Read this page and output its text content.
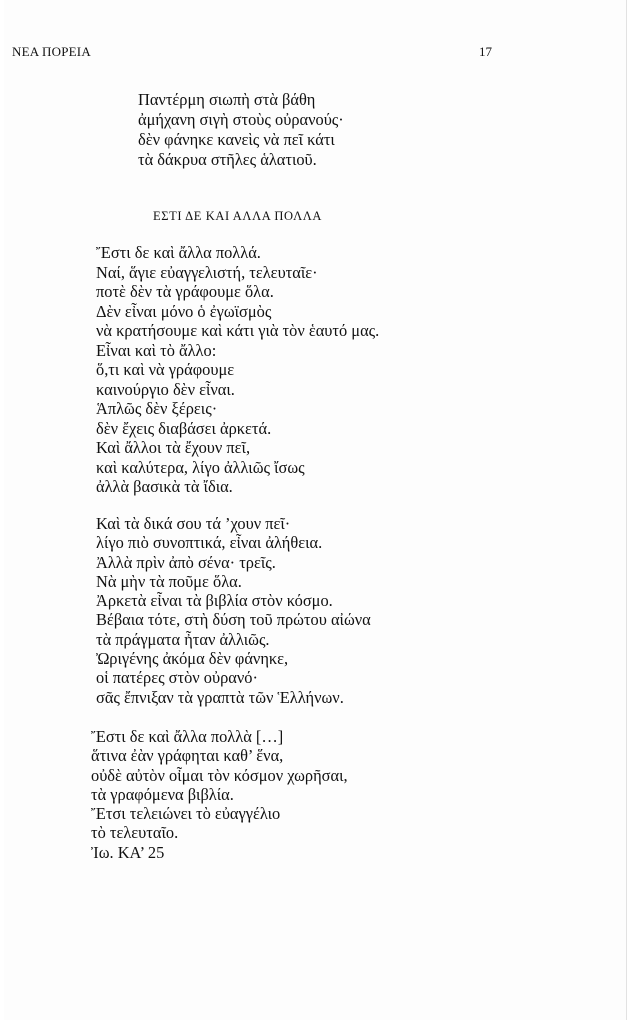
ΝΕΑ ΠΟΡΕΙΑ	17
Παντέρμη σιωπὴ στὰ βάθη
ἀμήχανη σιγὴ στοὺς οὐρανούς·
δὲν φάνηκε κανεὶς νὰ πεῖ κάτι
τὰ δάκρυα στῆλες ἁλατιοῦ.
ΕΣΤΙ ΔΕ ΚΑΙ ΑΛΛΑ ΠΟΛΛΑ
Ἔστι δε καὶ ἄλλα πολλά.
Ναί, ἅγιε εὐαγγελιστή, τελευταῖε·
ποτὲ δὲν τὰ γράφουμε ὅλα.
Δὲν εἶναι μόνο ὁ ἐγωϊσμὸς
νὰ κρατήσουμε καὶ κάτι γιὰ τὸν ἑαυτό μας.
Εἶναι καὶ τὸ ἄλλο:
ὅ,τι καὶ νὰ γράφουμε
καινούργιο δὲν εἶναι.
Ἁπλῶς δὲν ξέρεις·
δὲν ἔχεις διαβάσει ἀρκετά.
Καὶ ἄλλοι τὰ ἔχουν πεῖ,
καὶ καλύτερα, λίγο ἀλλιῶς ἴσως
ἀλλὰ βασικὰ τὰ ἴδια.
Καὶ τὰ δικά σου τά ’χουν πεῖ·
λίγο πιὸ συνοπτικά, εἶναι ἀλήθεια.
Ἀλλὰ πρὶν ἀπὸ σένα· τρεῖς.
Νὰ μὴν τὰ ποῦμε ὅλα.
Ἀρκετὰ εἶναι τὰ βιβλία στὸν κόσμο.
Βέβαια τότε, στὴ δύση τοῦ πρώτου αἰώνα
τὰ πράγματα ἦταν ἀλλιῶς.
Ὠριγένης ἀκόμα δὲν φάνηκε,
οἱ πατέρες στὸν οὐρανό·
σᾶς ἔπνιξαν τὰ γραπτὰ τῶν Ἑλλήνων.
Ἔστι δε καὶ ἄλλα πολλὰ […]
ἅτινα ἐὰν γράφηται καθ’ ἕνα,
οὐδὲ αὐτὸν οἶμαι τὸν κόσμον χωρῆσαι,
τὰ γραφόμενα βιβλία.
Ἔτσι τελειώνει τὸ εὐαγγέλιο
τὸ τελευταῖο.
Ἰω. ΚΑ’ 25
